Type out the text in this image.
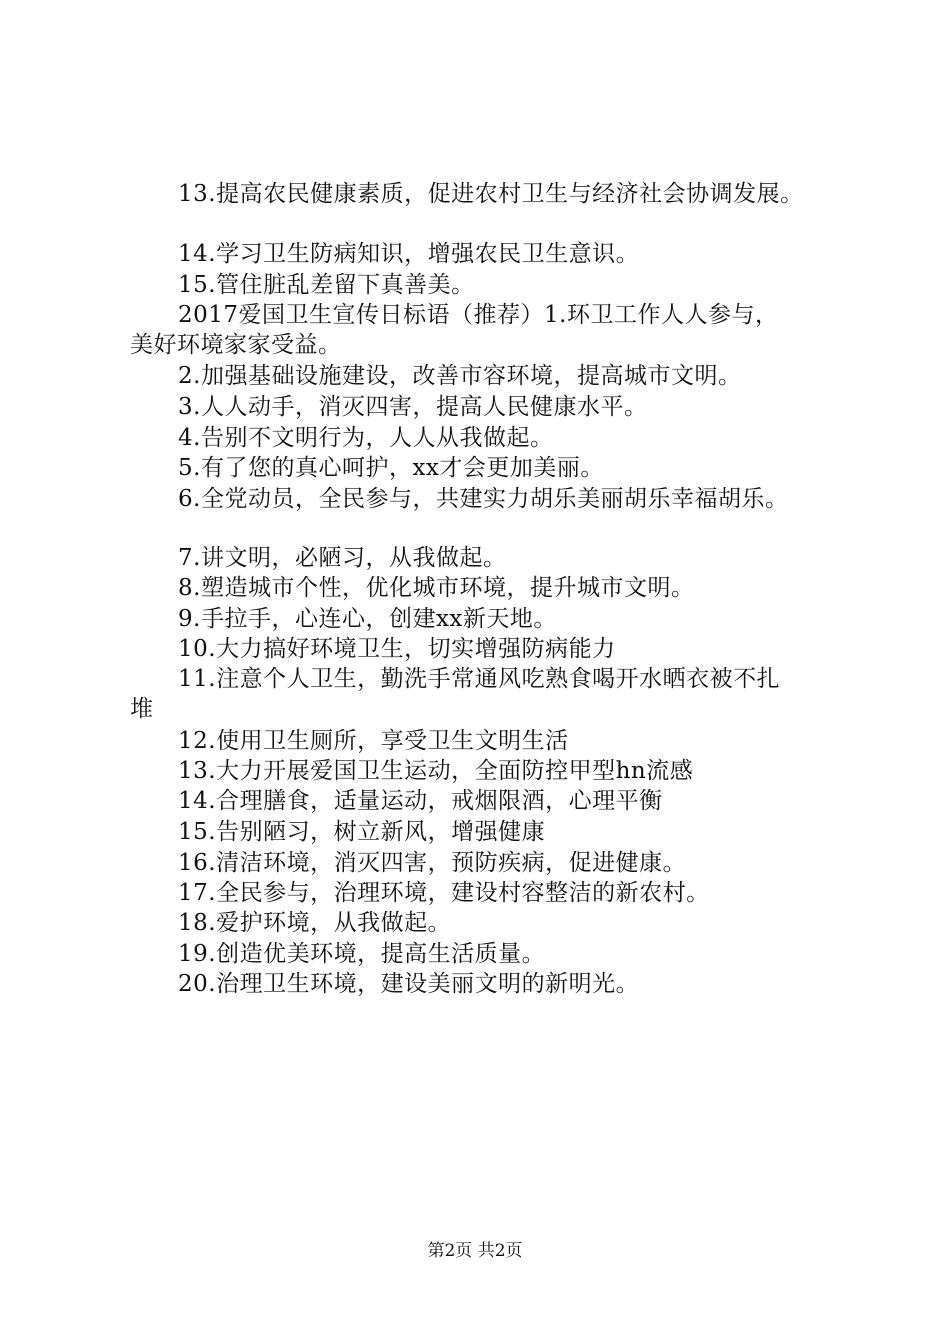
13.提高农民健康素质，促进农村卫生与经济社会协调发展。
14.学习卫生防病知识，增强农民卫生意识。
15.管住脏乱差留下真善美。
2017爱国卫生宣传日标语（推荐）1.环卫工作人人参与，
美好环境家家受益。
2.加强基础设施建设，改善市容环境，提高城市文明。
3.人人动手，消灭四害，提高人民健康水平。
4.告别不文明行为，人人从我做起。
5.有了您的真心呵护，xx才会更加美丽。
6.全党动员，全民参与，共建实力胡乐美丽胡乐幸福胡乐。
7.讲文明，必陋习，从我做起。
8.塑造城市个性，优化城市环境，提升城市文明。
9.手拉手，心连心，创建xx新天地。
10.大力搞好环境卫生，切实增强防病能力
11.注意个人卫生，勤洗手常通风吃熟食喝开水晒衣被不扎
堆
12.使用卫生厕所，享受卫生文明生活
13.大力开展爱国卫生运动，全面防控甲型hn流感
14.合理膳食，适量运动，戒烟限酒，心理平衡
15.告别陋习，树立新风，增强健康
16.清洁环境，消灭四害，预防疾病，促进健康。
17.全民参与，治理环境，建设村容整洁的新农村。
18.爱护环境，从我做起。
19.创造优美环境，提高生活质量。
20.治理卫生环境，建设美丽文明的新明光。
第2页 共2页
